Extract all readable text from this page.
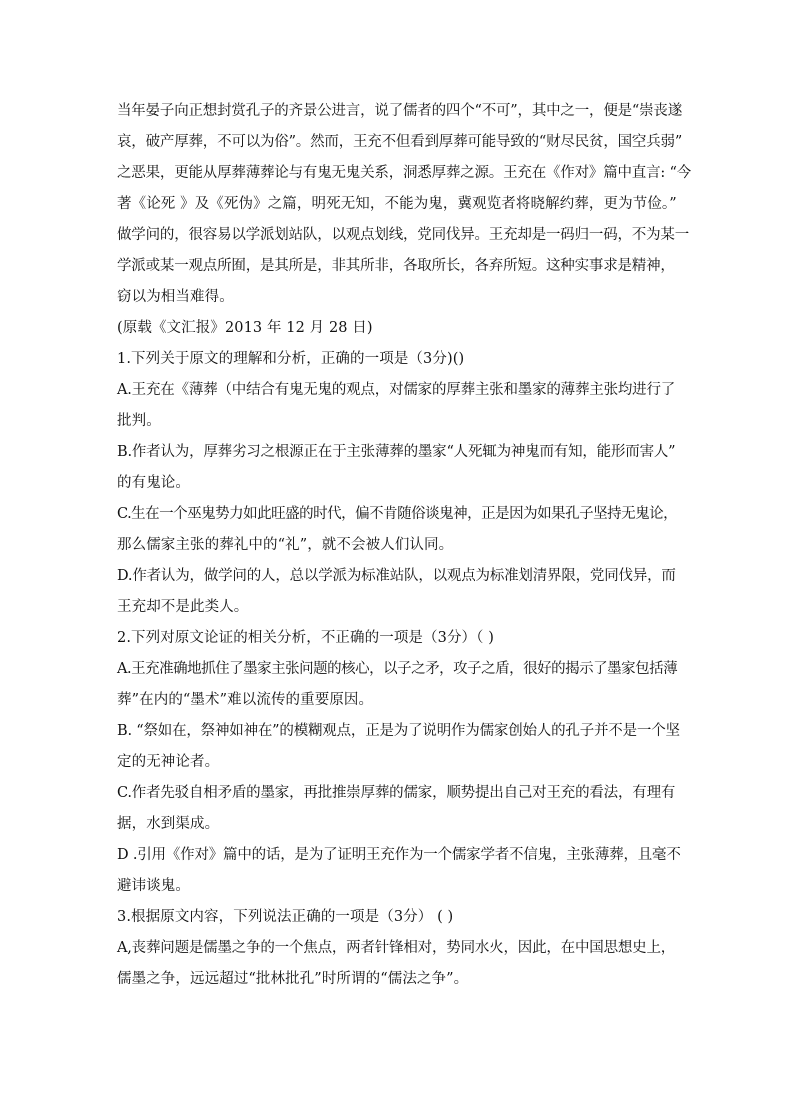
当年晏子向正想封赏孔子的齐景公进言，说了儒者的四个“不可”，其中之一，便是“崇丧遂
哀，破产厚葬，不可以为俗”。然而，王充不但看到厚葬可能导致的“财尽民贫，国空兵弱”
之恶果，更能从厚葬薄葬论与有鬼无鬼关系，洞悉厚葬之源。王充在《作对》篇中直言: “今
著《论死 》及《死伪》之篇，明死无知，不能为鬼，冀观览者将晓解约葬，更为节俭。”
做学问的，很容易以学派划站队，以观点划线，党同伐异。王充却是一码归一码，不为某一
学派或某一观点所囿，是其所是，非其所非，各取所长，各弃所短。这种实事求是精神，
窃以为相当难得。
(原载《文汇报》2013 年 12 月 28 日)
1.下列关于原文的理解和分析，正确的一项是（3分)()
A.王充在《薄葬（中结合有鬼无鬼的观点，对儒家的厚葬主张和墨家的薄葬主张均进行了
批判。
B.作者认为，厚葬劣习之根源正在于主张薄葬的墨家“人死辄为神鬼而有知，能形而害人”
的有鬼论。
C.生在一个巫鬼势力如此旺盛的时代，偏不肯随俗谈鬼神，正是因为如果孔子坚持无鬼论，
那么儒家主张的葬礼中的“礼”，就不会被人们认同。
D.作者认为，做学问的人，总以学派为标准站队，以观点为标准划清界限，党同伐异，而
王充却不是此类人。
2.下列对原文论证的相关分析，不正确的一项是（3分）（ )
A.王充准确地抓住了墨家主张问题的核心，以子之矛，攻子之盾，很好的揭示了墨家包括薄
葬”在内的“墨术”难以流传的重要原因。
B. “祭如在，祭神如神在”的模糊观点，正是为了说明作为儒家创始人的孔子并不是一个坚
定的无神论者。
C.作者先驳自相矛盾的墨家，再批推崇厚葬的儒家，顺势提出自己对王充的看法，有理有
据，水到渠成。
D .引用《作对》篇中的话，是为了证明王充作为一个儒家学者不信鬼，主张薄葬，且毫不
避讳谈鬼。
3.根据原文内容，下列说法正确的一项是（3分） ( )
A,丧葬问题是儒墨之争的一个焦点，两者针锋相对，势同水火，因此，在中国思想史上，
儒墨之争，远远超过“批林批孔”时所谓的“儒法之争”。
